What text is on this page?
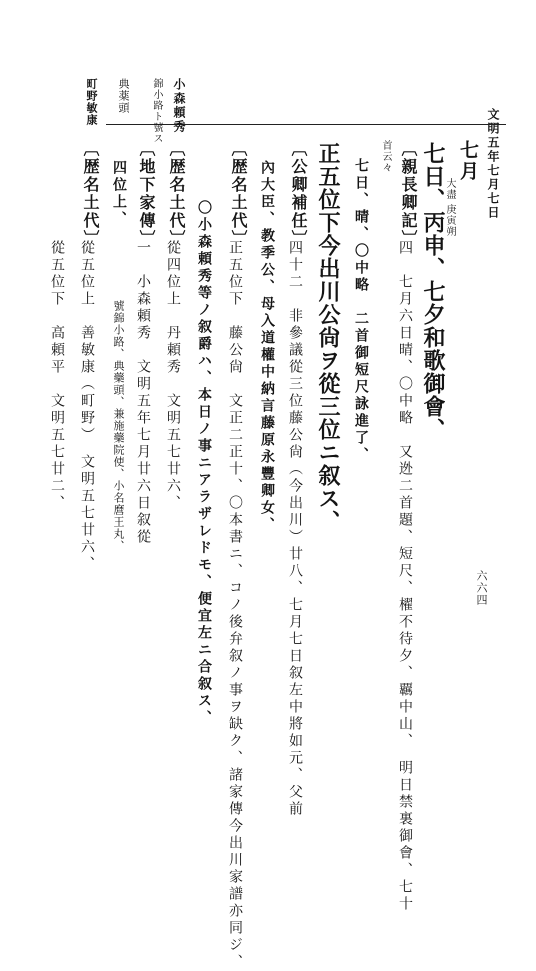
文明五年七月七日
六六四
小森頼秀
錦小路ト號ス
典薬頭
町野敏康
七月
大盡 庚寅朔
七日、丙申、七夕和歌御會、
〔親長卿記〕
四　七月六日晴、〇中略　又迯二首題、短尺、櫂不待夕、覊中山、　明日禁裏御會、七十
首云々
七日、晴、〇中略　二首御短尺詠進了、
正五位下今出川公尙ヲ從三位ニ叙ス、
〔公卿補任〕
四十二　非參議從三位藤公尙（今出川）廿八、七月七日叙左中將如元、父前
內大臣、教季公、母入道權中納言藤原永豐卿女、
〔歴名土代〕
正五位下　藤公尙　文正二正十、〇本書ニ、コノ後弁叙ノ事ヲ缺ク、諸家傳今出川家譜亦同ジ、
〇小森頼秀等ノ叙爵ハ、本日ノ事ニアラザレドモ、便宜左ニ合叙ス、
〔歴名土代〕
從四位上　丹頼秀　文明五七廿六、
〔地下家傳〕
一　小森頼秀　文明五年七月廿六日叙從
號錦小路、典藥頭、兼施藥院使、小名麿王丸、
四位上、
〔歴名土代〕
從五位上　善敏康（町野）　文明五七廿六、
從五位下　高頼平　文明五七廿二、
